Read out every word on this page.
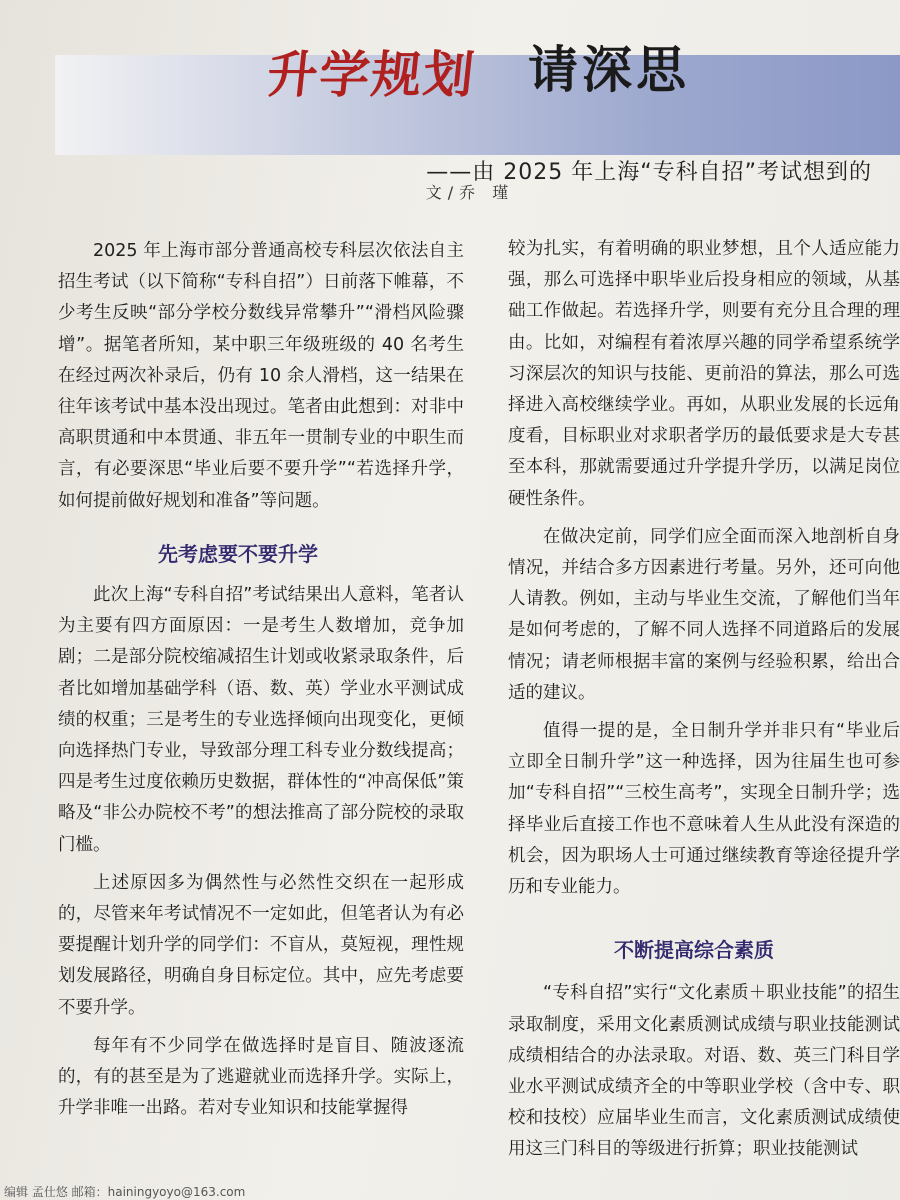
——由 2025 年上海“专科自招”考试想到的
升学规划 请深思
文/乔 瑾

2025 年上海市部分普通高校专科层次依法自主招生考试（以下简称“专科自招”）日前落下帷幕，不少考生反映“部分学校分数线异常攀升”“滑档风险骤增”。据笔者所知，某中职三年级班级的 40 名考生在经过两次补录后，仍有 10 余人滑档，这一结果在往年该考试中基本没出现过。笔者由此想到：对非中高职贯通和中本贯通、非五年一贯制专业的中职生而言，有必要深思“毕业后要不要升学”“若选择升学，如何提前做好规划和准备”等问题。

先考虑要不要升学

此次上海“专科自招”考试结果出人意料，笔者认为主要有四方面原因：一是考生人数增加，竞争加剧；二是部分院校缩减招生计划或收紧录取条件，后者比如增加基础学科（语、数、英）学业水平测试成绩的权重；三是考生的专业选择倾向出现变化，更倾向选择热门专业，导致部分理工科专业分数线提高；四是考生过度依赖历史数据，群体性的“冲高保低”策略及“非公办院校不考”的想法推高了部分院校的录取门槛。

上述原因多为偶然性与必然性交织在一起形成的，尽管来年考试情况不一定如此，但笔者认为有必要提醒计划升学的同学们：不盲从，莫短视，理性规划发展路径，明确自身目标定位。其中，应先考虑要不要升学。

每年有不少同学在做选择时是盲目、随波逐流的，有的甚至是为了逃避就业而选择升学。实际上，升学非唯一出路。若对专业知识和技能掌握得

较为扎实，有着明确的职业梦想，且个人适应能力强，那么可选择中职毕业后投身相应的领域，从基础工作做起。若选择升学，则要有充分且合理的理由。比如，对编程有着浓厚兴趣的同学希望系统学习深层次的知识与技能、更前沿的算法，那么可选择进入高校继续学业。再如，从职业发展的长远角度看，目标职业对求职者学历的最低要求是大专甚至本科，那就需要通过升学提升学历，以满足岗位硬性条件。

在做决定前，同学们应全面而深入地剖析自身情况，并结合多方因素进行考量。另外，还可向他人请教。例如，主动与毕业生交流，了解他们当年是如何考虑的，了解不同人选择不同道路后的发展情况；请老师根据丰富的案例与经验积累，给出合适的建议。

值得一提的是，全日制升学并非只有“毕业后立即全日制升学”这一种选择，因为往届生也可参加“专科自招”“三校生高考”，实现全日制升学；选择毕业后直接工作也不意味着人生从此没有深造的机会，因为职场人士可通过继续教育等途径提升学历和专业能力。

不断提高综合素质

“专科自招”实行“文化素质＋职业技能”的招生录取制度，采用文化素质测试成绩与职业技能测试成绩相结合的办法录取。对语、数、英三门科目学业水平测试成绩齐全的中等职业学校（含中专、职校和技校）应届毕业生而言，文化素质测试成绩使用这三门科目的等级进行折算；职业技能测试

编辑 孟仕悠 邮箱：hainingyoyo@163.com
